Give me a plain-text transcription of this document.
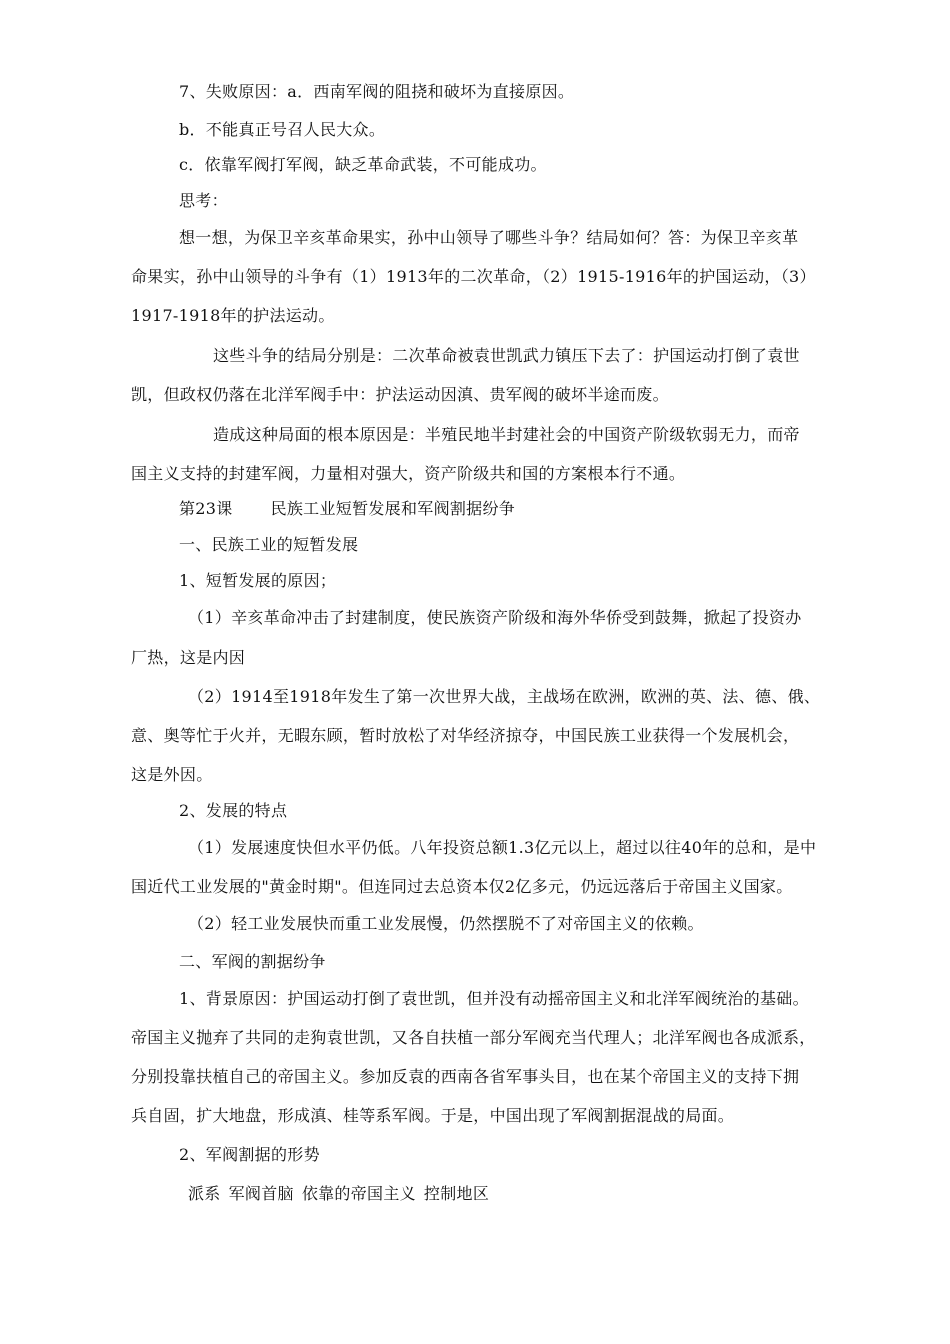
7、失败原因：a．西南军阀的阻挠和破坏为直接原因。
b．不能真正号召人民大众。
c．依靠军阀打军阀，缺乏革命武装，不可能成功。
思考：
想一想，为保卫辛亥革命果实，孙中山领导了哪些斗争？结局如何？答：为保卫辛亥革
命果实，孙中山领导的斗争有（1）1913年的二次革命，（2）1915-1916年的护国运动，（3）
1917-1918年的护法运动。
这些斗争的结局分别是：二次革命被袁世凯武力镇压下去了：护国运动打倒了袁世
凯，但政权仍落在北洋军阀手中：护法运动因滇、贵军阀的破坏半途而废。
造成这种局面的根本原因是：半殖民地半封建社会的中国资产阶级软弱无力，而帝
国主义支持的封建军阀，力量相对强大，资产阶级共和国的方案根本行不通。
第23课 民族工业短暂发展和军阀割据纷争
一、民族工业的短暂发展
1、短暂发展的原因；
（1）辛亥革命冲击了封建制度，使民族资产阶级和海外华侨受到鼓舞，掀起了投资办
厂热，这是内因
（2）1914至1918年发生了第一次世界大战，主战场在欧洲，欧洲的英、法、德、俄、
意、奥等忙于火并，无暇东顾，暂时放松了对华经济掠夺，中国民族工业获得一个发展机会，
这是外因。
2、发展的特点
（1）发展速度快但水平仍低。八年投资总额1.3亿元以上，超过以往40年的总和，是中
国近代工业发展的"黄金时期"。但连同过去总资本仅2亿多元，仍远远落后于帝国主义国家。
（2）轻工业发展快而重工业发展慢，仍然摆脱不了对帝国主义的依赖。
二、军阀的割据纷争
1、背景原因：护国运动打倒了袁世凯，但并没有动摇帝国主义和北洋军阀统治的基础。
帝国主义抛弃了共同的走狗袁世凯，又各自扶植一部分军阀充当代理人；北洋军阀也各成派系，
分别投靠扶植自己的帝国主义。参加反袁的西南各省军事头目，也在某个帝国主义的支持下拥
兵自固，扩大地盘，形成滇、桂等系军阀。于是，中国出现了军阀割据混战的局面。
2、军阀割据的形势
派系 军阀首脑 依靠的帝国主义 控制地区
